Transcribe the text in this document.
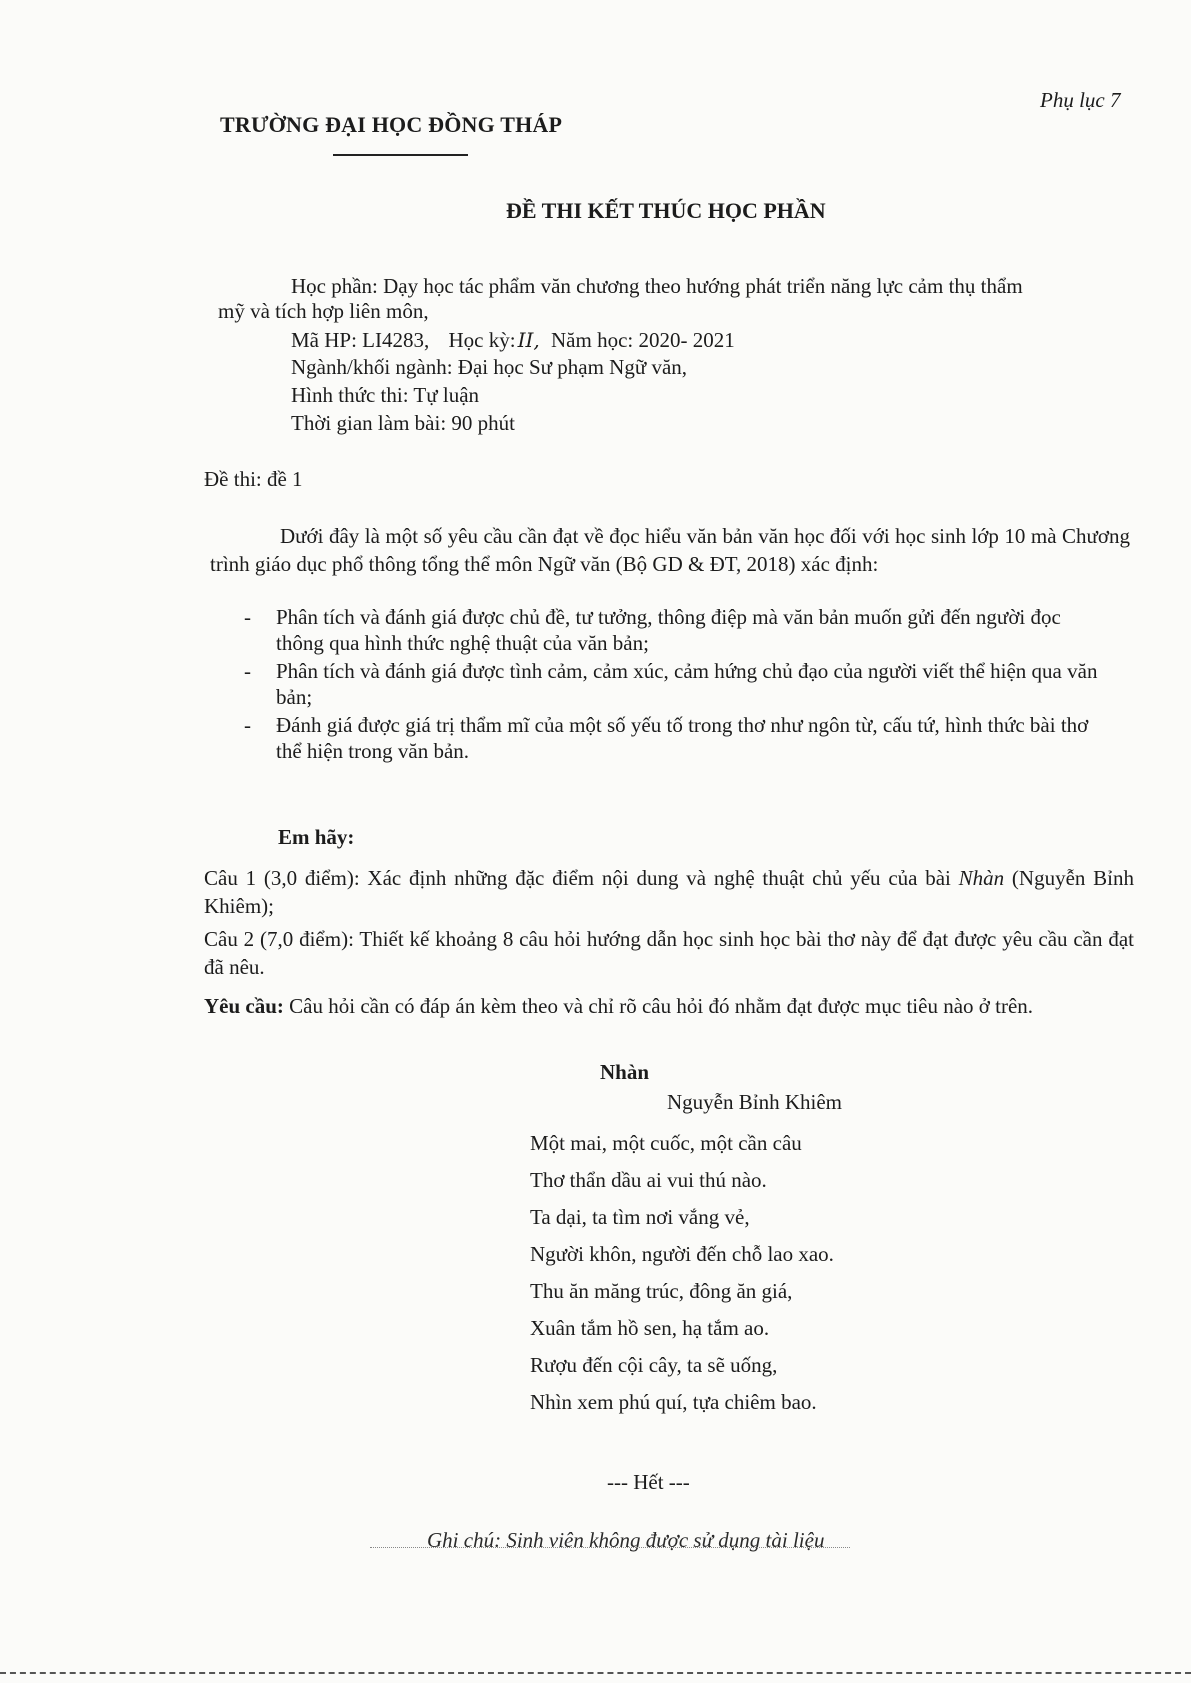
Phụ lục 7

TRƯỜNG ĐẠI HỌC ĐỒNG THÁP

ĐỀ THI KẾT THÚC HỌC PHẦN

Học phần: Dạy học tác phẩm văn chương theo hướng phát triển năng lực cảm thụ thẩm

mỹ và tích hợp liên môn,

Mã HP: LI4283, Học kỳ: II, Năm học: 2020- 2021

Ngành/khối ngành: Đại học Sư phạm Ngữ văn,

Hình thức thi: Tự luận

Thời gian làm bài: 90 phút

Đề thi: đề 1

Dưới đây là một số yêu cầu cần đạt về đọc hiểu văn bản văn học đối với học sinh lớp 10 mà Chương trình giáo dục phổ thông tổng thể môn Ngữ văn (Bộ GD & ĐT, 2018) xác định:

- Phân tích và đánh giá được chủ đề, tư tưởng, thông điệp mà văn bản muốn gửi đến người đọc thông qua hình thức nghệ thuật của văn bản;
- Phân tích và đánh giá được tình cảm, cảm xúc, cảm hứng chủ đạo của người viết thể hiện qua văn bản;
- Đánh giá được giá trị thẩm mĩ của một số yếu tố trong thơ như ngôn từ, cấu tứ, hình thức bài thơ thể hiện trong văn bản.

Em hãy:

Câu 1 (3,0 điểm): Xác định những đặc điểm nội dung và nghệ thuật chủ yếu của bài Nhàn (Nguyễn Bỉnh Khiêm);

Câu 2 (7,0 điểm): Thiết kế khoảng 8 câu hỏi hướng dẫn học sinh học bài thơ này để đạt được yêu cầu cần đạt đã nêu.

Yêu cầu: Câu hỏi cần có đáp án kèm theo và chỉ rõ câu hỏi đó nhằm đạt được mục tiêu nào ở trên.

Nhàn

Nguyễn Bỉnh Khiêm

Một mai, một cuốc, một cần câu
Thơ thẩn dầu ai vui thú nào.
Ta dại, ta tìm nơi vắng vẻ,
Người khôn, người đến chỗ lao xao.
Thu ăn măng trúc, đông ăn giá,
Xuân tắm hồ sen, hạ tắm ao.
Rượu đến cội cây, ta sẽ uống,
Nhìn xem phú quí, tựa chiêm bao.

--- Hết ---

Ghi chú: Sinh viên không được sử dụng tài liệu
